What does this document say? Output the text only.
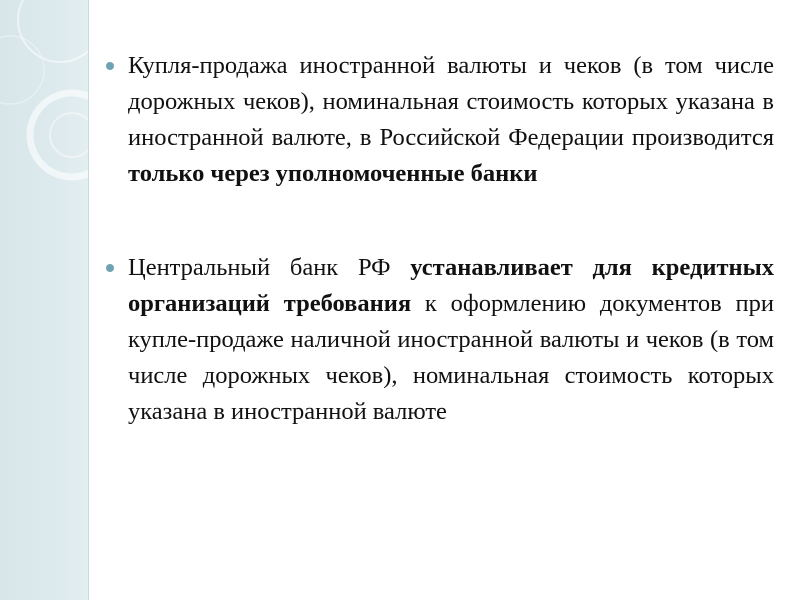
Купля-продажа иностранной валюты и чеков (в том числе дорожных чеков), номинальная стоимость которых указана в иностранной валюте, в Российской Федерации производится только через уполномоченные банки

Центральный банк РФ устанавливает для кредитных организаций требования к оформлению документов при купле-продаже наличной иностранной валюты и чеков (в том числе дорожных чеков), номинальная стоимость которых указана в иностранной валюте
